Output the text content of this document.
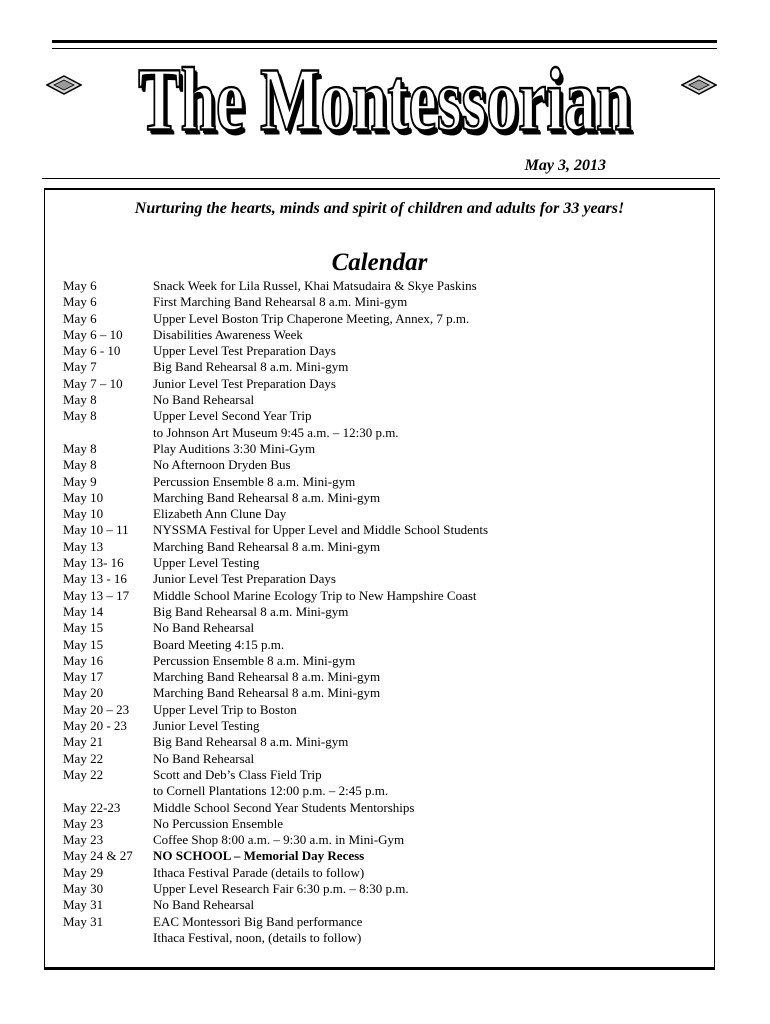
The Montessorian
May 3, 2013
Nurturing the hearts, minds and spirit of children and adults for 33 years!
Calendar
May 6	Snack Week for Lila Russel, Khai Matsudaira & Skye Paskins
May 6	First Marching Band Rehearsal 8 a.m. Mini-gym
May 6	Upper Level Boston Trip Chaperone Meeting, Annex, 7 p.m.
May 6 – 10	Disabilities Awareness Week
May 6 - 10	Upper Level Test Preparation Days
May 7	Big Band Rehearsal 8 a.m. Mini-gym
May 7 – 10	Junior Level Test Preparation Days
May 8	No Band Rehearsal
May 8	Upper Level Second Year Trip
to Johnson Art Museum 9:45 a.m. – 12:30 p.m.
May 8	Play Auditions 3:30 Mini-Gym
May 8	No Afternoon Dryden Bus
May 9	Percussion Ensemble 8 a.m. Mini-gym
May 10	Marching Band Rehearsal 8 a.m. Mini-gym
May 10	Elizabeth Ann Clune Day
May 10 – 11	NYSSMA Festival for Upper Level and Middle School Students
May 13	Marching Band Rehearsal 8 a.m. Mini-gym
May 13- 16	Upper Level Testing
May 13 - 16	Junior Level Test Preparation Days
May 13 – 17	Middle School Marine Ecology Trip to New Hampshire Coast
May 14	Big Band Rehearsal 8 a.m. Mini-gym
May 15	No Band Rehearsal
May 15	Board Meeting 4:15 p.m.
May 16	Percussion Ensemble 8 a.m. Mini-gym
May 17	Marching Band Rehearsal 8 a.m. Mini-gym
May 20	Marching Band Rehearsal 8 a.m. Mini-gym
May 20 – 23	Upper Level Trip to Boston
May 20 - 23	Junior Level Testing
May 21	Big Band Rehearsal 8 a.m. Mini-gym
May 22	No Band Rehearsal
May 22	Scott and Deb’s Class Field Trip
to Cornell Plantations 12:00 p.m. – 2:45 p.m.
May 22-23	Middle School Second Year Students Mentorships
May 23	No Percussion Ensemble
May 23	Coffee Shop 8:00 a.m. – 9:30 a.m. in Mini-Gym
May 24 & 27	NO SCHOOL – Memorial Day Recess
May 29	Ithaca Festival Parade (details to follow)
May 30	Upper Level Research Fair 6:30 p.m. – 8:30 p.m.
May 31	No Band Rehearsal
May 31	EAC Montessori Big Band performance
Ithaca Festival, noon, (details to follow)
